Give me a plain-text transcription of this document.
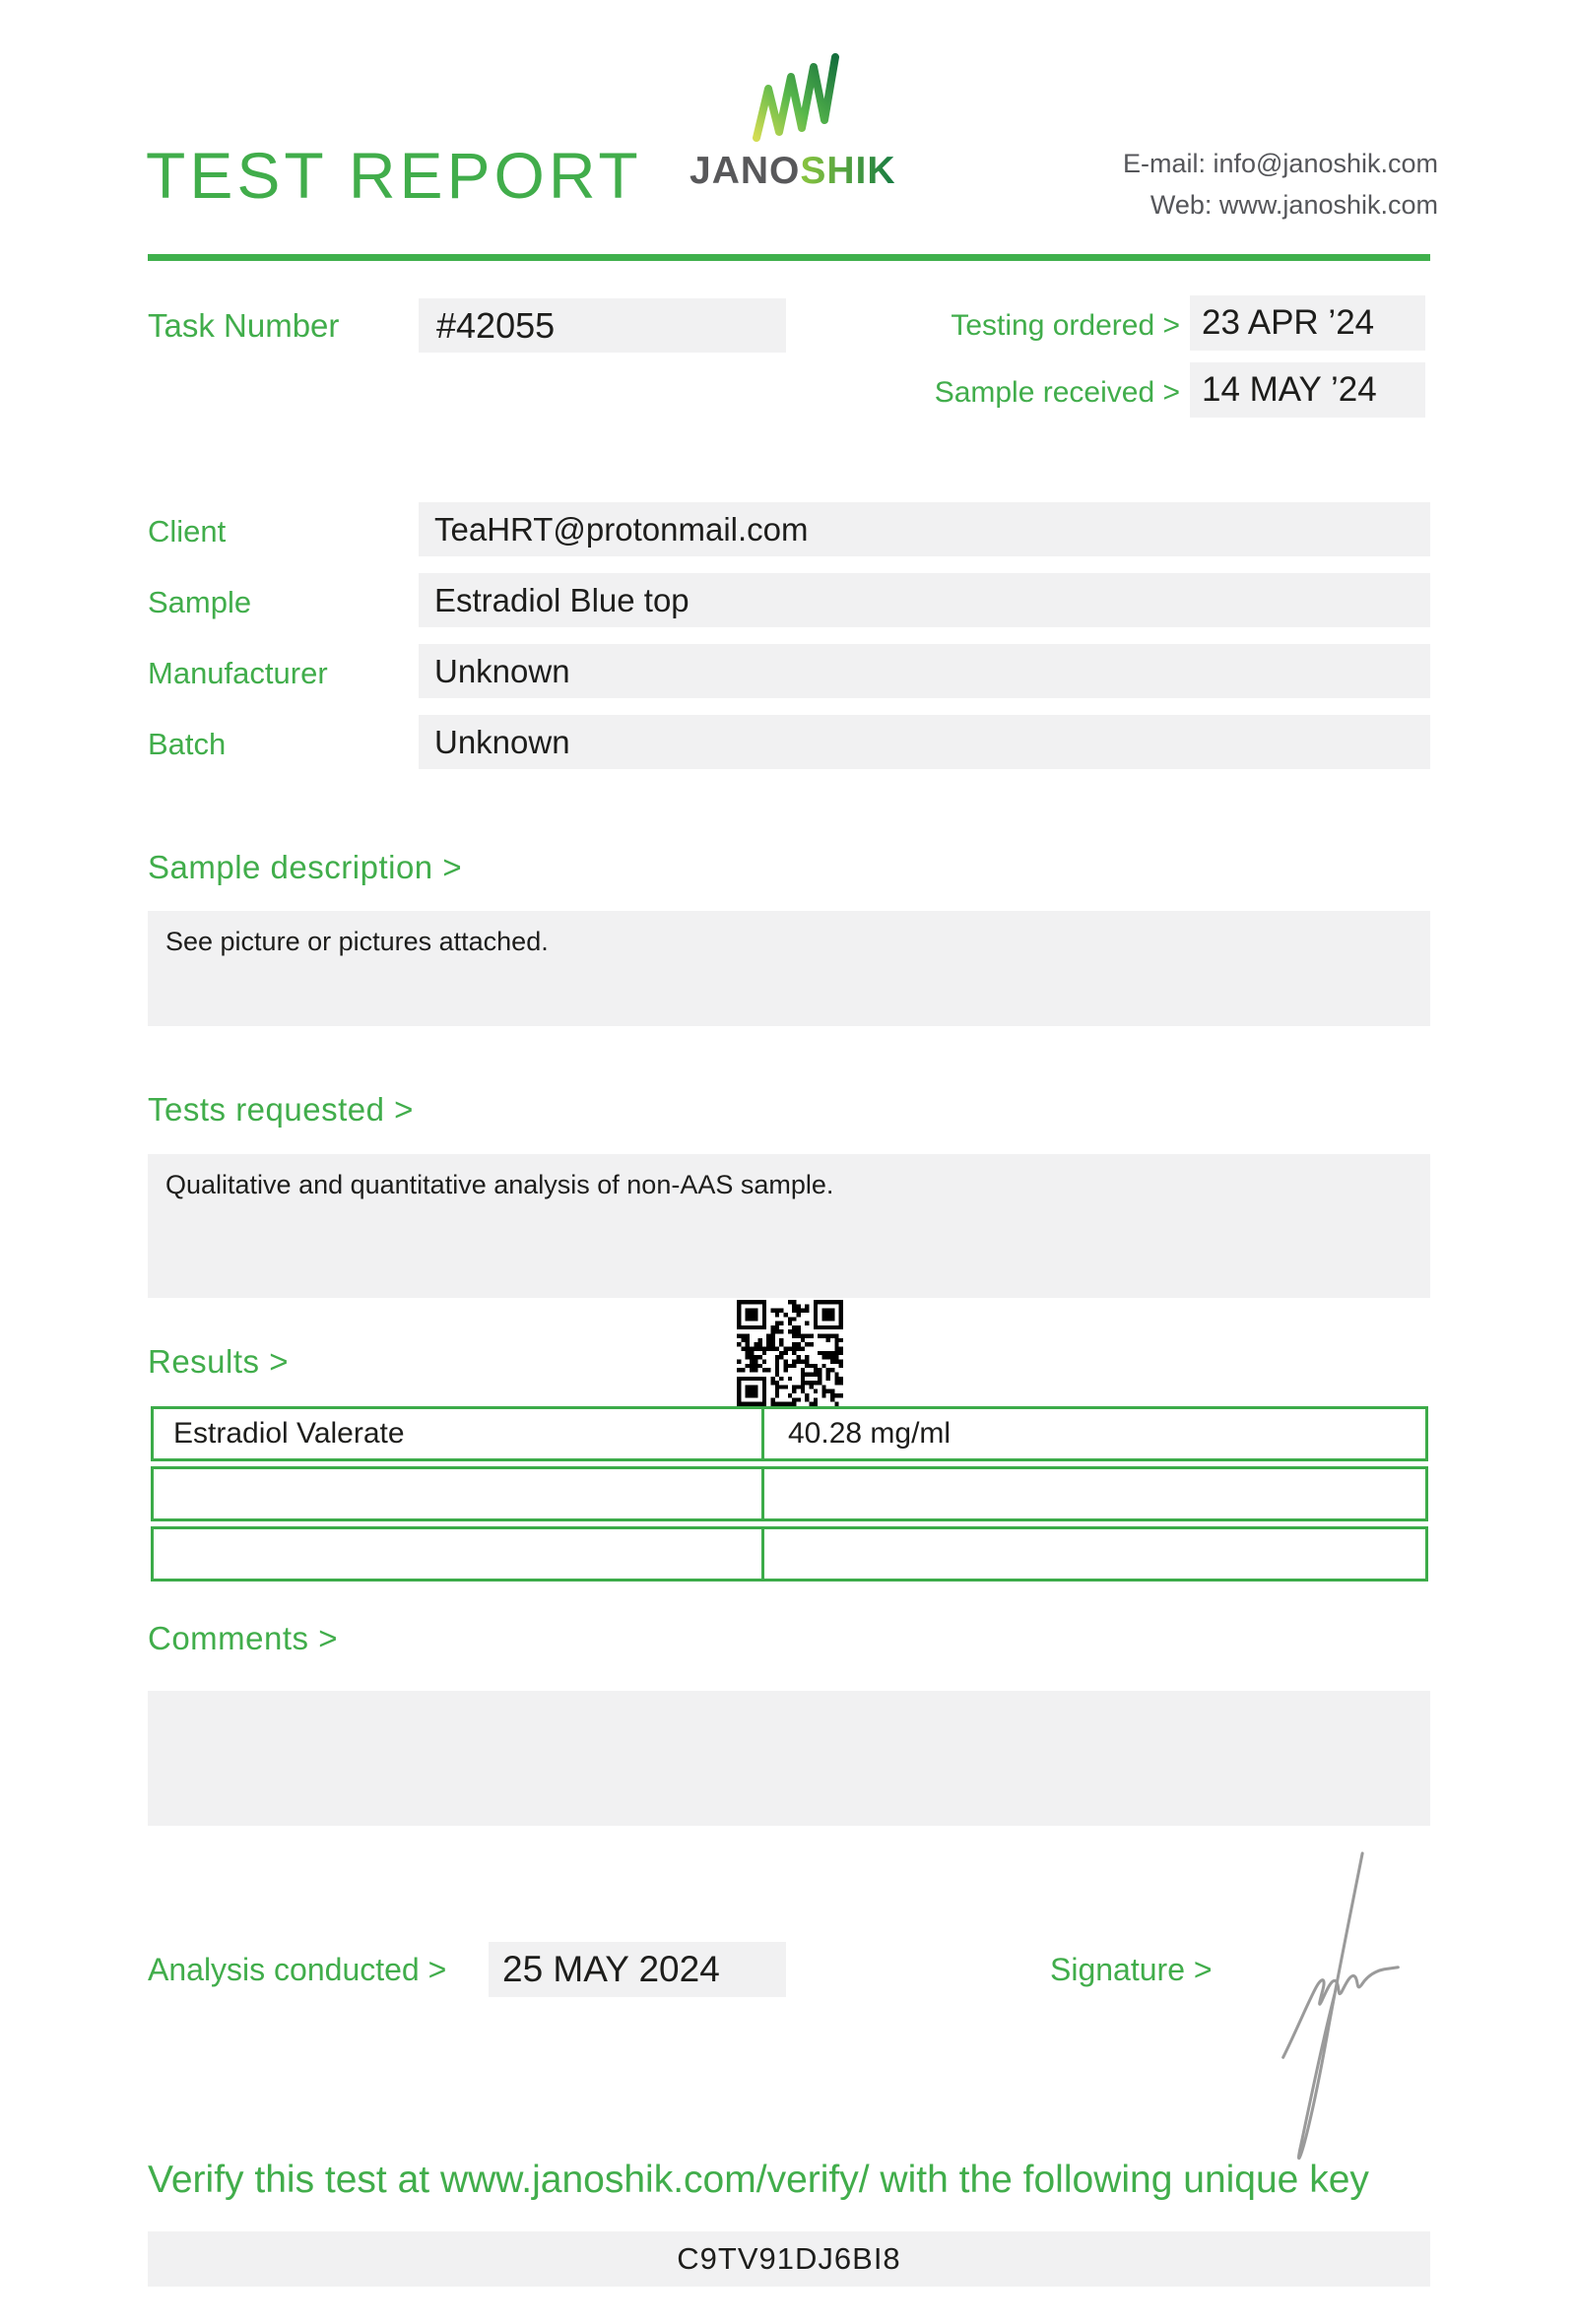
TEST REPORT JANOSHIK	E-mail: info@janoshik.com
Web: www.janoshik.com
Task Number	#42055	Testing ordered > 23 APR ’24
Sample received > 14 MAY ’24
Client	TeaHRT@protonmail.com
Sample	Estradiol Blue top
Manufacturer	Unknown
Batch	Unknown
Sample description >
See picture or pictures attached.
Tests requested >
Qualitative and quantitative analysis of non-AAS sample.
Results >
Estradiol Valerate	40.28 mg/ml
Comments >
Analysis conducted >	25 MAY 2024	Signature >
Verify this test at www.janoshik.com/verify/ with the following unique key
C9TV91DJ6BI8
